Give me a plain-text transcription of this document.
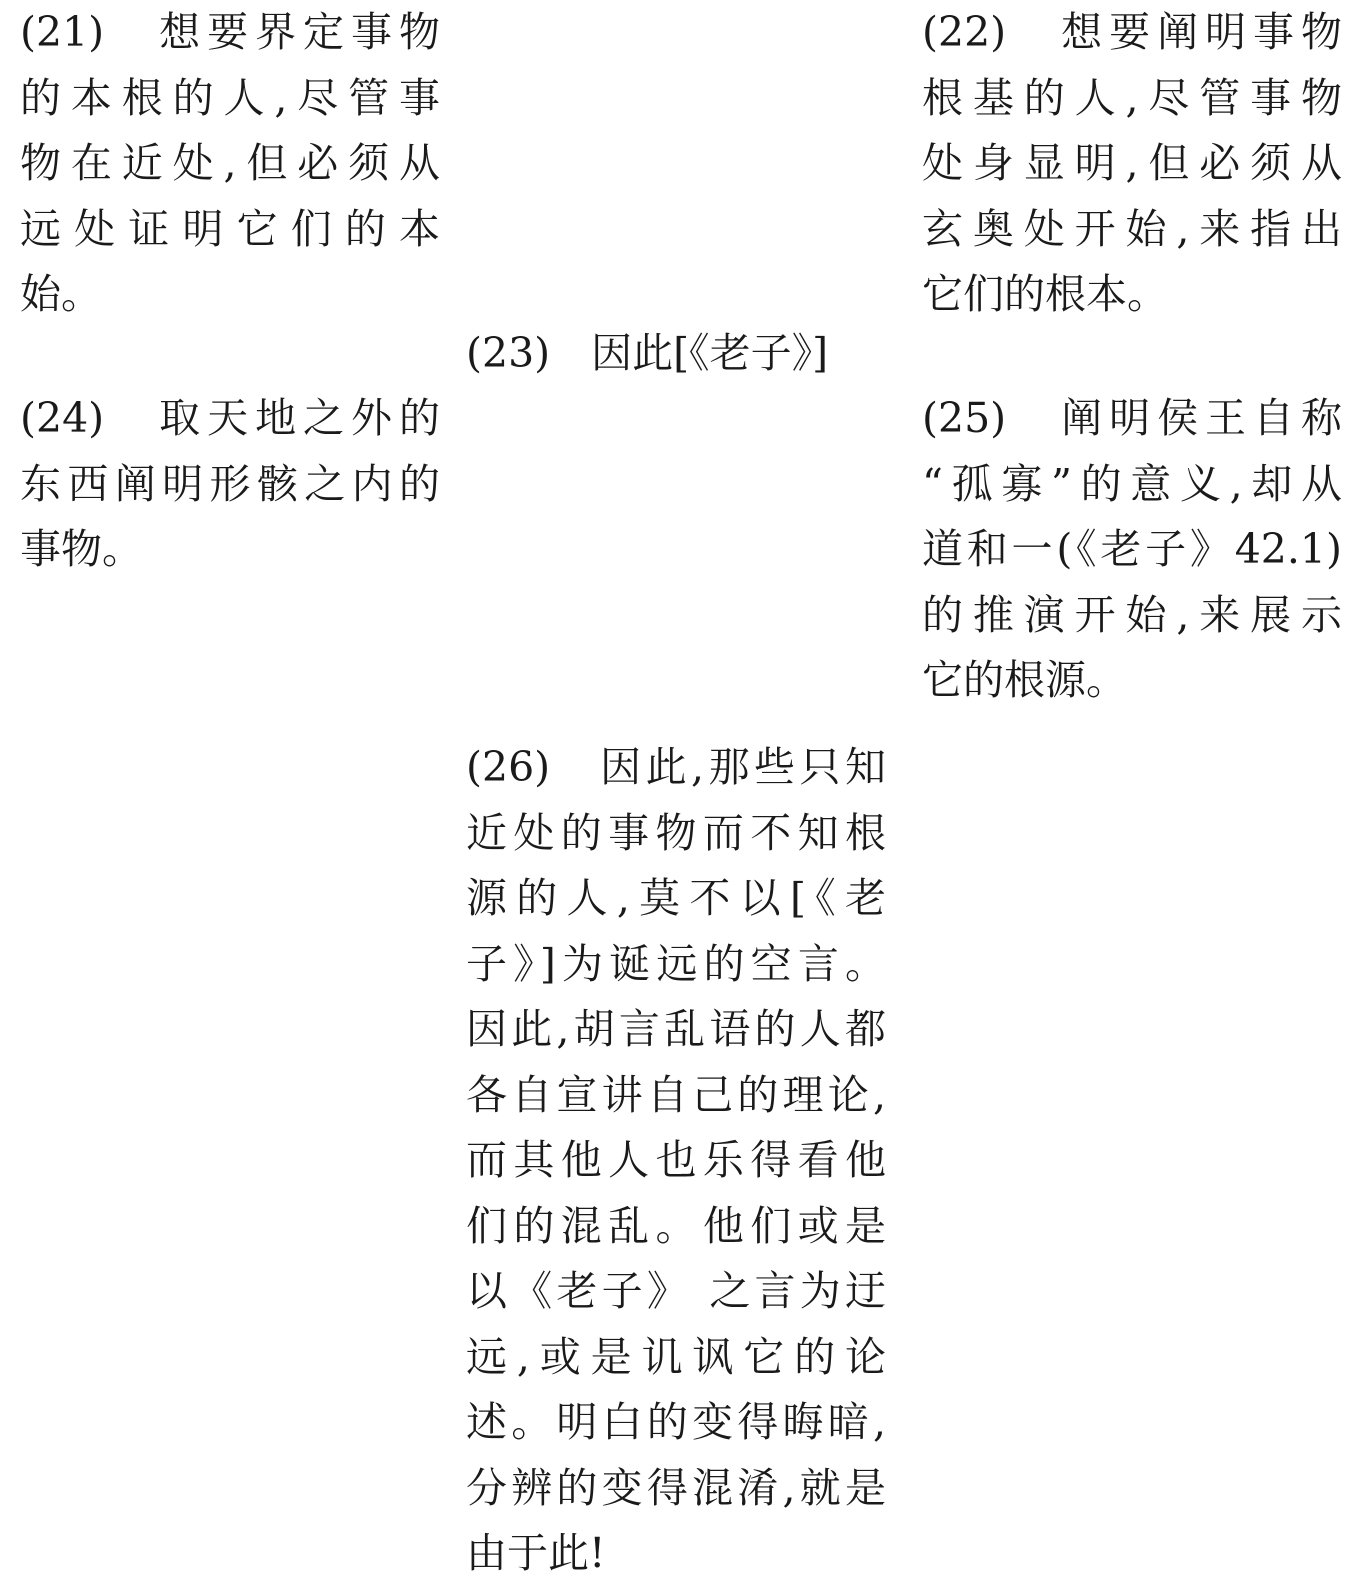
(21)　想要界定事物
的本根的人,尽管事
物在近处,但必须从
远处证明它们的本
始。
(22)　想要阐明事物
根基的人,尽管事物
处身显明,但必须从
玄奥处开始,来指出
它们的根本。
(23)　因此[《老子》]
(24)　取天地之外的
东西阐明形骸之内的
事物。
(25)　阐明侯王自称
“孤寡”的意义,却从
道和一(《老子》42.1)
的推演开始,来展示
它的根源。
(26)　因此,那些只知
近处的事物而不知根
源的人,莫不以[《老
子》]为诞远的空言。
因此,胡言乱语的人都
各自宣讲自己的理论,
而其他人也乐得看他
们的混乱。他们或是
以《老子》 之言为迂
远,或是讥讽它的论
述。明白的变得晦暗,
分辨的变得混淆,就是
由于此!
